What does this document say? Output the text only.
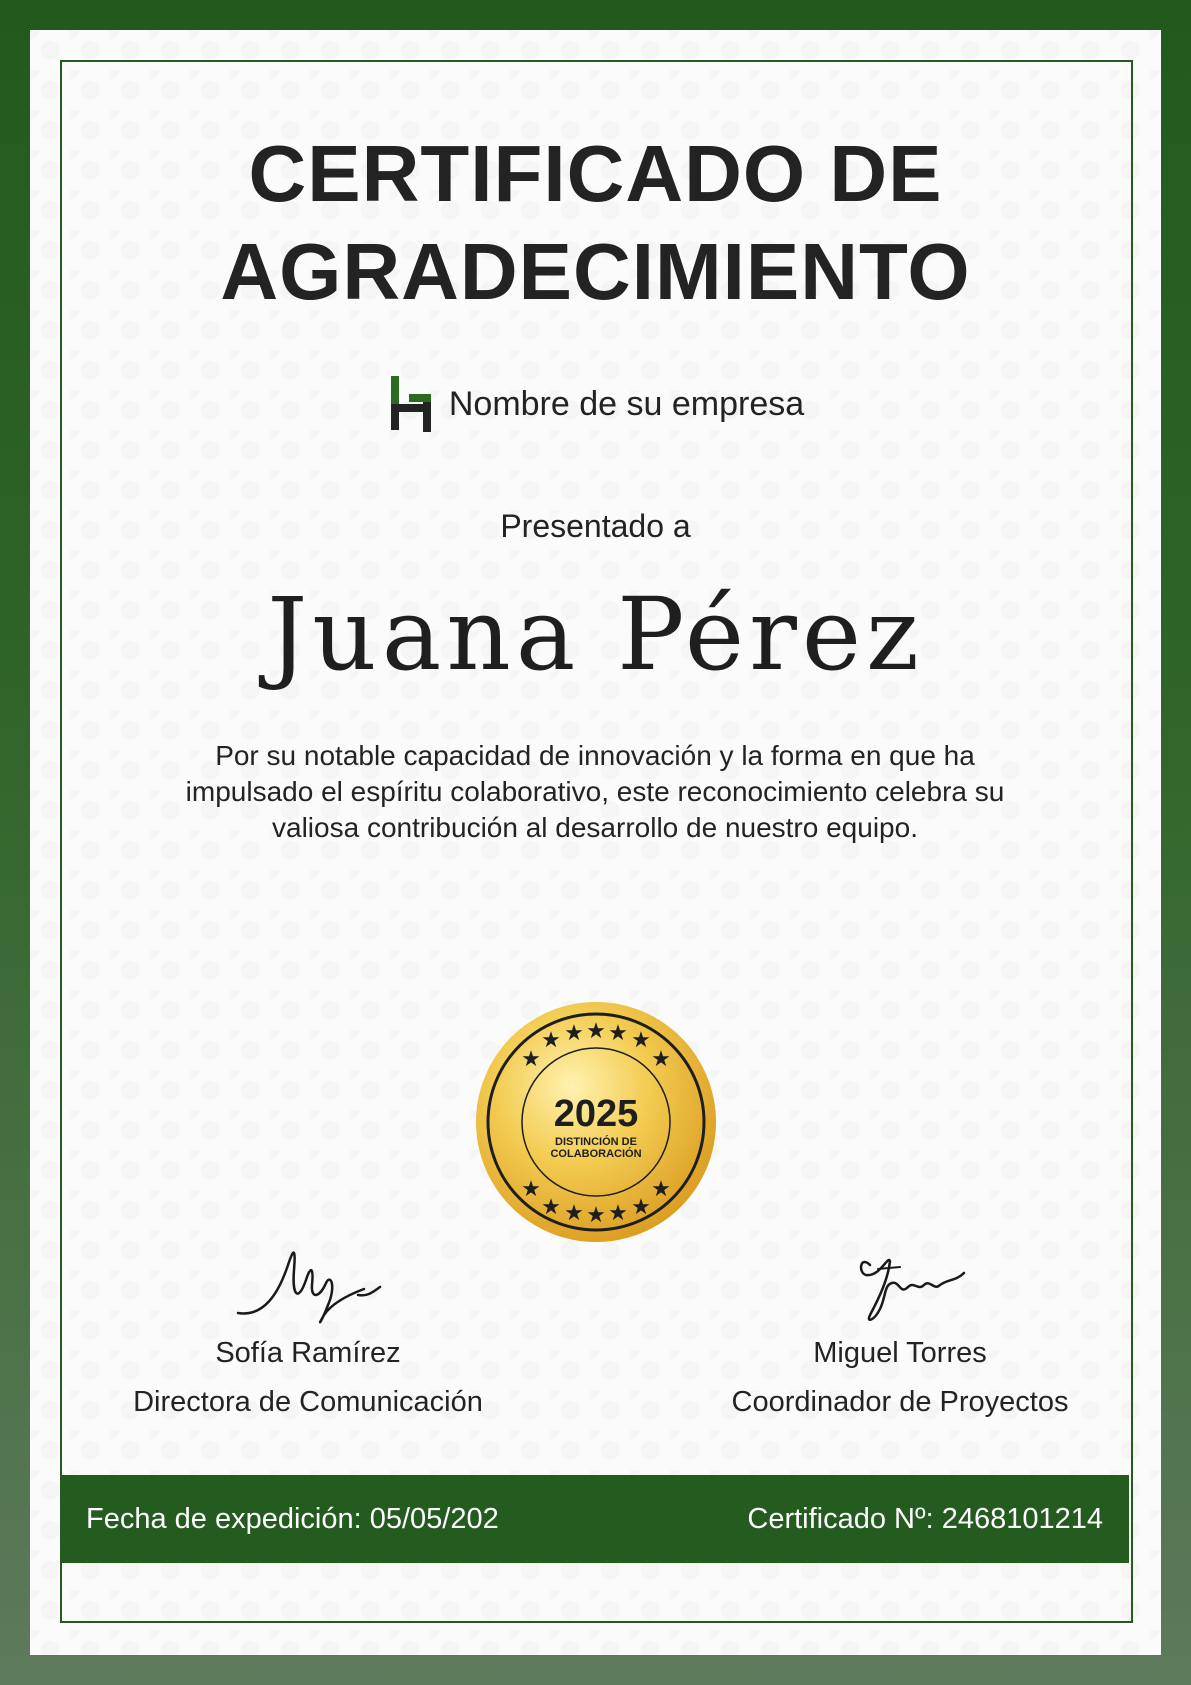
CERTIFICADO DE
AGRADECIMIENTO
Nombre de su empresa
Presentado a
Juana Pérez
Por su notable capacidad de innovación y la forma en que ha impulsado el espíritu colaborativo, este reconocimiento celebra su valiosa contribución al desarrollo de nuestro equipo.
★
★ ★ ★
★
★ ★
★
★ ★ ★
★
★ ★
2025
DISTINCIÓN DE
COLABORACIÓN
Sofía Ramírez
Directora de Comunicación
Miguel Torres
Coordinador de Proyectos
Fecha de expedición: 05/05/202	Certificado Nº: 2468101214
